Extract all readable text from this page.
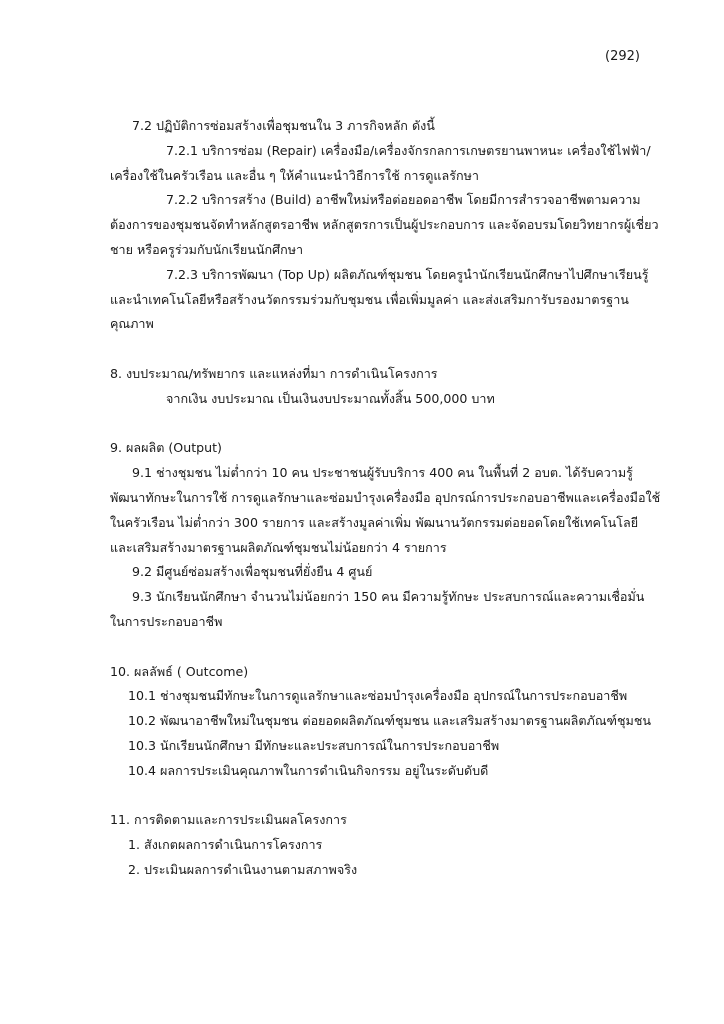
(292)
7.2 ปฏิบัติการซ่อมสร้างเพื่อชุมชนใน 3 ภารกิจหลัก ดังนี้
7.2.1 บริการซ่อม (Repair) เครื่องมือ/เครื่องจักรกลการเกษตรยานพาหนะ เครื่องใช้ไฟฟ้า/
เครื่องใช้ในครัวเรือน และอื่น ๆ ให้คำแนะนำวิธีการใช้ การดูแลรักษา
7.2.2 บริการสร้าง (Build) อาชีพใหม่หรือต่อยอดอาชีพ โดยมีการสำรวจอาชีพตามความ
ต้องการของชุมชนจัดทำหลักสูตรอาชีพ หลักสูตรการเป็นผู้ประกอบการ และจัดอบรมโดยวิทยากรผู้เชี่ยว
ชาย หรือครูร่วมกับนักเรียนนักศึกษา
7.2.3 บริการพัฒนา (Top Up) ผลิตภัณฑ์ชุมชน โดยครูนำนักเรียนนักศึกษาไปศึกษาเรียนรู้
และนำเทคโนโลยีหรือสร้างนวัตกรรมร่วมกับชุมชน เพื่อเพิ่มมูลค่า และส่งเสริมการับรองมาตรฐาน
คุณภาพ
8. งบประมาณ/ทรัพยากร และแหล่งที่มา การดำเนินโครงการ
จากเงิน งบประมาณ เป็นเงินงบประมาณทั้งสิ้น 500,000 บาท
9. ผลผลิต (Output)
9.1 ช่างชุมชน ไม่ต่ำกว่า 10 คน ประชาชนผู้รับบริการ 400 คน ในพื้นที่ 2 อบต. ได้รับความรู้
พัฒนาทักษะในการใช้ การดูแลรักษาและซ่อมบำรุงเครื่องมือ อุปกรณ์การประกอบอาชีพและเครื่องมือใช้
ในครัวเรือน ไม่ต่ำกว่า 300 รายการ และสร้างมูลค่าเพิ่ม พัฒนานวัตกรรมต่อยอดโดยใช้เทคโนโลยี
และเสริมสร้างมาตรฐานผลิตภัณฑ์ชุมชนไม่น้อยกว่า 4 รายการ
9.2 มีศูนย์ซ่อมสร้างเพื่อชุมชนที่ยั่งยืน 4 ศูนย์
9.3 นักเรียนนักศึกษา จำนวนไม่น้อยกว่า 150 คน มีความรู้ทักษะ ประสบการณ์และความเชื่อมั่น
ในการประกอบอาชีพ
10. ผลลัพธ์ ( Outcome)
10.1 ช่างชุมชนมีทักษะในการดูแลรักษาและซ่อมบำรุงเครื่องมือ อุปกรณ์ในการประกอบอาชีพ
10.2 พัฒนาอาชีพใหม่ในชุมชน ต่อยอดผลิตภัณฑ์ชุมชน และเสริมสร้างมาตรฐานผลิตภัณฑ์ชุมชน
10.3 นักเรียนนักศึกษา มีทักษะและประสบการณ์ในการประกอบอาชีพ
10.4 ผลการประเมินคุณภาพในการดำเนินกิจกรรม อยู่ในระดับดับดี
11. การติดตามและการประเมินผลโครงการ
1. สังเกตผลการดำเนินการโครงการ
2. ประเมินผลการดำเนินงานตามสภาพจริง
